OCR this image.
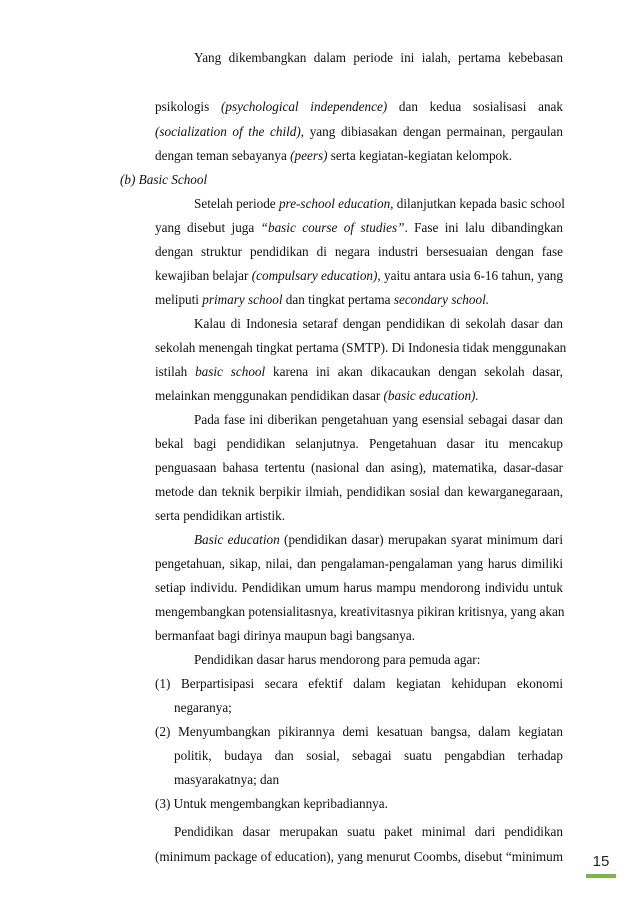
Yang dikembangkan dalam periode ini ialah, pertama kebebasan
psikologis (psychological independence) dan kedua sosialisasi anak
(socialization of the child), yang dibiasakan dengan permainan, pergaulan
dengan teman sebayanya (peers) serta kegiatan-kegiatan kelompok.
(b) Basic School
Setelah periode pre-school education, dilanjutkan kepada basic school
yang disebut juga “basic course of studies”. Fase ini lalu dibandingkan
dengan struktur pendidikan di negara industri bersesuaian dengan fase
kewajiban belajar (compulsary education), yaitu antara usia 6-16 tahun, yang
meliputi primary school dan tingkat pertama secondary school.
Kalau di Indonesia setaraf dengan pendidikan di sekolah dasar dan
sekolah menengah tingkat pertama (SMTP). Di Indonesia tidak menggunakan
istilah basic school karena ini akan dikacaukan dengan sekolah dasar,
melainkan menggunakan pendidikan dasar (basic education).
Pada fase ini diberikan pengetahuan yang esensial sebagai dasar dan
bekal bagi pendidikan selanjutnya. Pengetahuan dasar itu mencakup
penguasaan bahasa tertentu (nasional dan asing), matematika, dasar-dasar
metode dan teknik berpikir ilmiah, pendidikan sosial dan kewarganegaraan,
serta pendidikan artistik.
Basic education (pendidikan dasar) merupakan syarat minimum dari
pengetahuan, sikap, nilai, dan pengalaman-pengalaman yang harus dimiliki
setiap individu. Pendidikan umum harus mampu mendorong individu untuk
mengembangkan potensialitasnya, kreativitasnya pikiran kritisnya, yang akan
bermanfaat bagi dirinya maupun bagi bangsanya.
Pendidikan dasar harus mendorong para pemuda agar:
(1) Berpartisipasi secara efektif dalam kegiatan kehidupan ekonomi
negaranya;
(2) Menyumbangkan pikirannya demi kesatuan bangsa, dalam kegiatan
politik, budaya dan sosial, sebagai suatu pengabdian terhadap
masyarakatnya; dan
(3) Untuk mengembangkan kepribadiannya.
Pendidikan dasar merupakan suatu paket minimal dari pendidikan
(minimum package of education), yang menurut Coombs, disebut “minimum	15
